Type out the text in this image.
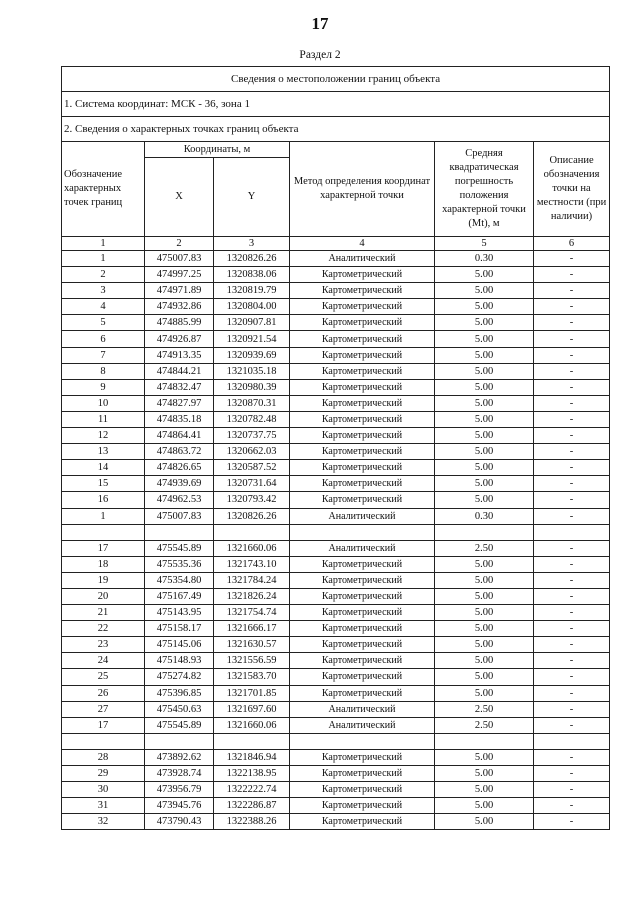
17
Раздел 2
Сведения о местоположении границ объекта					
1. Система координат: МСК - 36, зона 1					
2. Сведения о характерных точках границ объекта					
Обозначение характерных точек границ	Координаты, м		Метод определения координат характерной точки	Средняя квадратическая погрешность положения характерной точки (Mt), м	Описание обозначения точки на местности (при наличии)
	X	Y			
1	2	3	4	5	6
1	475007.83	1320826.26	Аналитический	0.30	-
2	474997.25	1320838.06	Картометрический	5.00	-
3	474971.89	1320819.79	Картометрический	5.00	-
4	474932.86	1320804.00	Картометрический	5.00	-
5	474885.99	1320907.81	Картометрический	5.00	-
6	474926.87	1320921.54	Картометрический	5.00	-
7	474913.35	1320939.69	Картометрический	5.00	-
8	474844.21	1321035.18	Картометрический	5.00	-
9	474832.47	1320980.39	Картометрический	5.00	-
10	474827.97	1320870.31	Картометрический	5.00	-
11	474835.18	1320782.48	Картометрический	5.00	-
12	474864.41	1320737.75	Картометрический	5.00	-
13	474863.72	1320662.03	Картометрический	5.00	-
14	474826.65	1320587.52	Картометрический	5.00	-
15	474939.69	1320731.64	Картометрический	5.00	-
16	474962.53	1320793.42	Картометрический	5.00	-
1	475007.83	1320826.26	Аналитический	0.30	-

17	475545.89	1321660.06	Аналитический	2.50	-
18	475535.36	1321743.10	Картометрический	5.00	-
19	475354.80	1321784.24	Картометрический	5.00	-
20	475167.49	1321826.24	Картометрический	5.00	-
21	475143.95	1321754.74	Картометрический	5.00	-
22	475158.17	1321666.17	Картометрический	5.00	-
23	475145.06	1321630.57	Картометрический	5.00	-
24	475148.93	1321556.59	Картометрический	5.00	-
25	475274.82	1321583.70	Картометрический	5.00	-
26	475396.85	1321701.85	Картометрический	5.00	-
27	475450.63	1321697.60	Аналитический	2.50	-
17	475545.89	1321660.06	Аналитический	2.50	-

28	473892.62	1321846.94	Картометрический	5.00	-
29	473928.74	1322138.95	Картометрический	5.00	-
30	473956.79	1322222.74	Картометрический	5.00	-
31	473945.76	1322286.87	Картометрический	5.00	-
32	473790.43	1322388.26	Картометрический	5.00	-
